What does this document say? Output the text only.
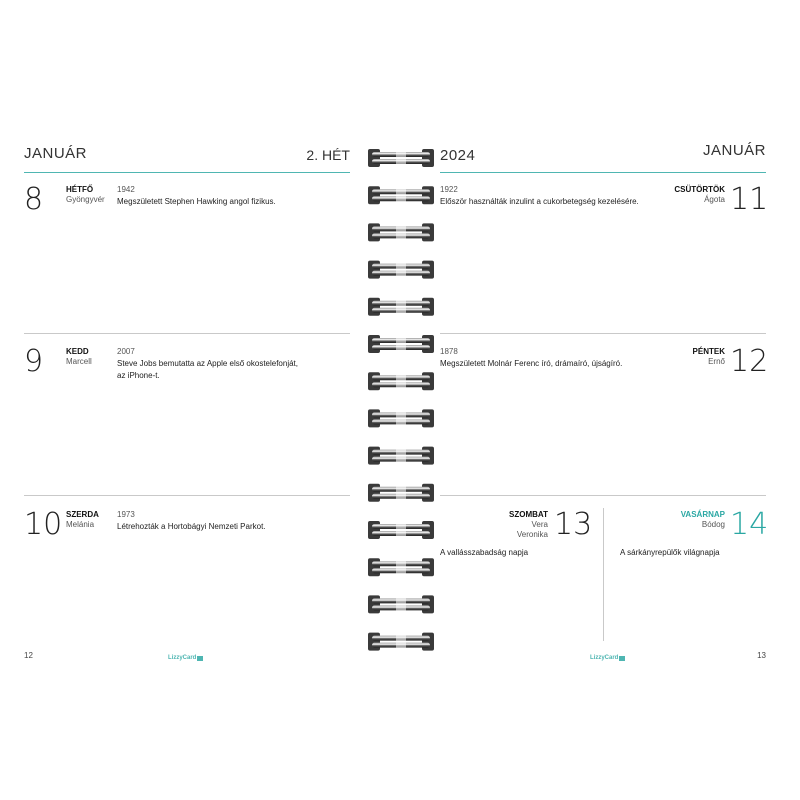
JANUÁR	2. HÉT
8	HÉTFŐ
Gyöngyvér
1942
Megszületett Stephen Hawking angol fizikus.
9	KEDD
Marcell
2007
Steve Jobs bemutatta az Apple első okostelefonját,
az iPhone-t.
10 SZERDA
Melánia
1973
Létrehozták a Hortobágyi Nemzeti Parkot.
12	LizzyCard
2024	JANUÁR
1922
Először használták inzulint a cukorbetegség kezelésére.
CSÜTÖRTÖK
Ágota 11
1878
Megszületett Molnár Ferenc író, drámaíró, újságíró.
PÉNTEK
Ernő 12
SZOMBAT
Vera
Veronika 13
A vallásszabadság napja
VASÁRNAP
Bódog 14
A sárkányrepülők világnapja
LizzyCard	13
